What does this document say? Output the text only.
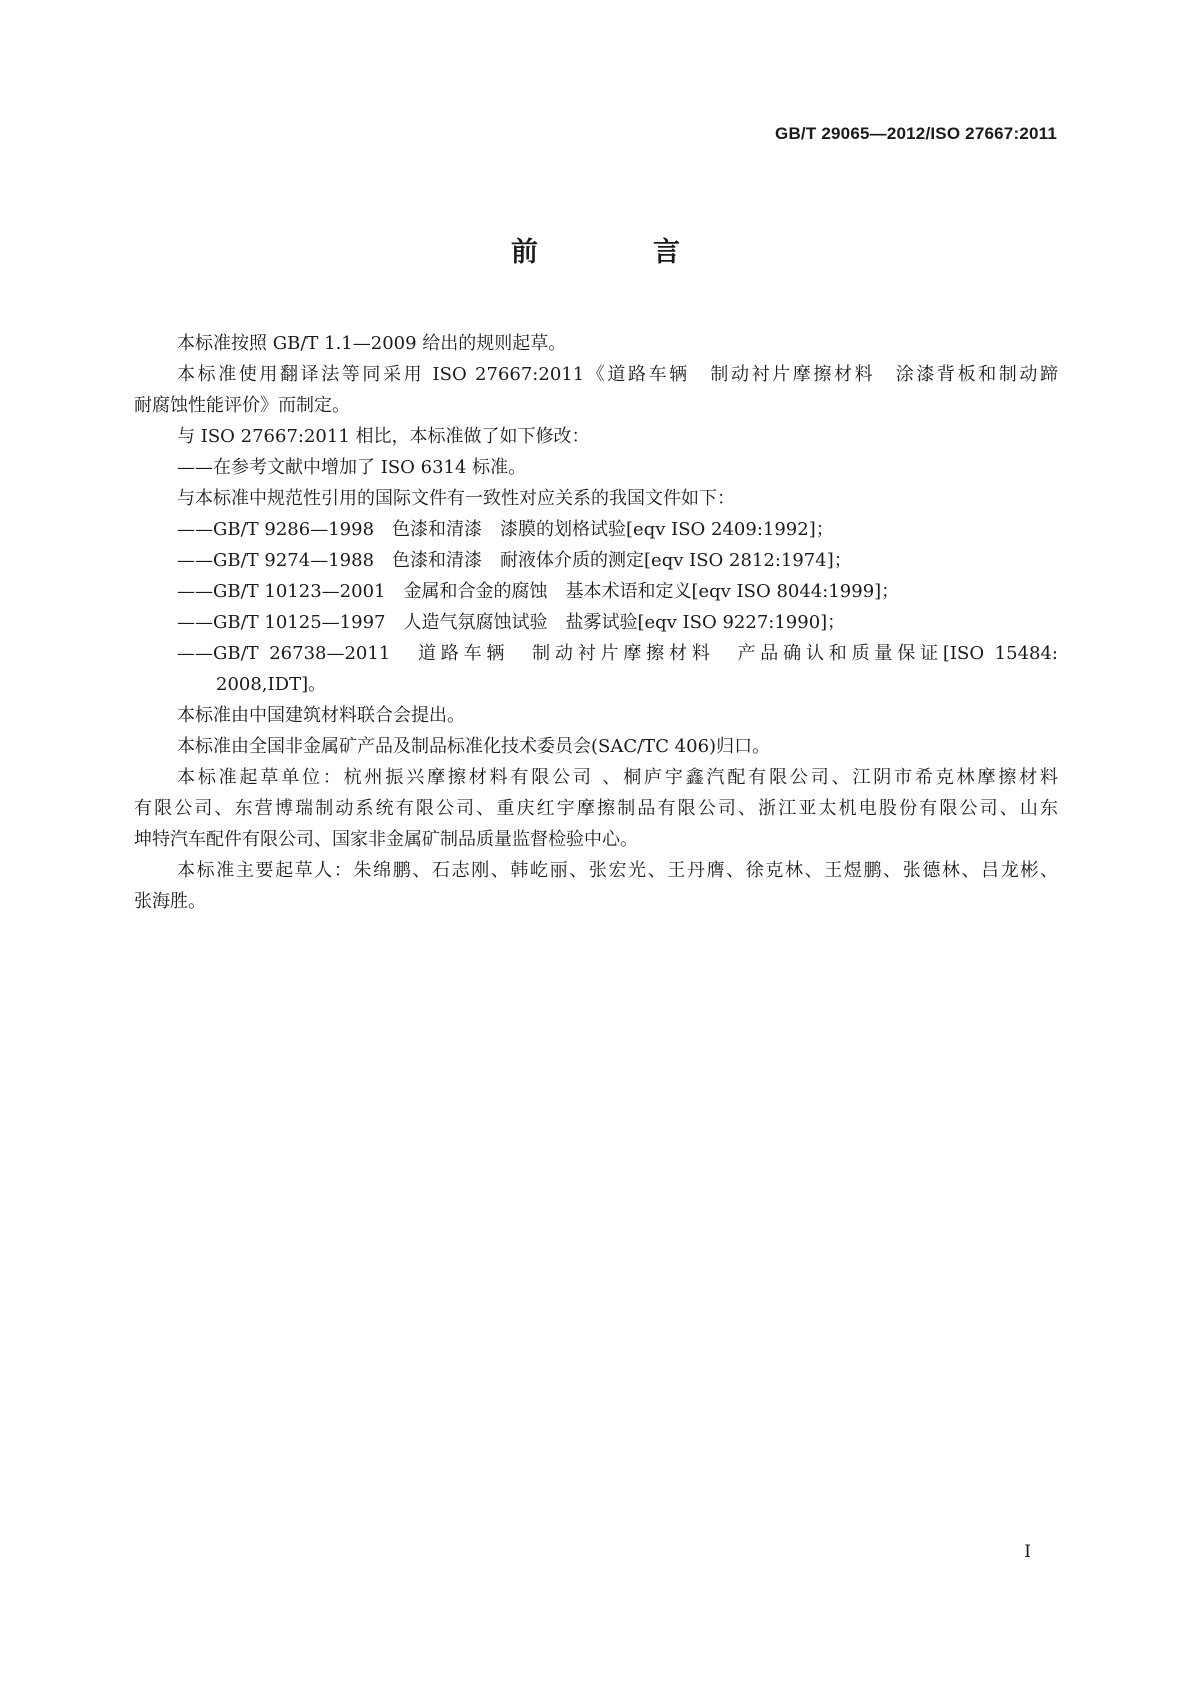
GB/T 29065—2012/ISO 27667:2011
前　言
本标准按照 GB/T 1.1—2009 给出的规则起草。
本标准使用翻译法等同采用 ISO 27667:2011《道路车辆　制动衬片摩擦材料　涂漆背板和制动蹄
耐腐蚀性能评价》而制定。
与 ISO 27667:2011 相比，本标准做了如下修改：
——在参考文献中增加了 ISO 6314 标准。
与本标准中规范性引用的国际文件有一致性对应关系的我国文件如下：
——GB/T 9286—1998　色漆和清漆　漆膜的划格试验[eqv ISO 2409:1992]；
——GB/T 9274—1988　色漆和清漆　耐液体介质的测定[eqv ISO 2812:1974]；
——GB/T 10123—2001　金属和合金的腐蚀　基本术语和定义[eqv ISO 8044:1999]；
——GB/T 10125—1997　人造气氛腐蚀试验　盐雾试验[eqv ISO 9227:1990]；
——GB/T 26738—2011　道路车辆　制动衬片摩擦材料　产品确认和质量保证[ISO 15484:
2008,IDT]。
本标准由中国建筑材料联合会提出。
本标准由全国非金属矿产品及制品标准化技术委员会(SAC/TC 406)归口。
本标准起草单位：杭州振兴摩擦材料有限公司 、桐庐宇鑫汽配有限公司、江阴市希克林摩擦材料
有限公司、东营博瑞制动系统有限公司、重庆红宇摩擦制品有限公司、浙江亚太机电股份有限公司、山东
坤特汽车配件有限公司、国家非金属矿制品质量监督检验中心。
本标准主要起草人：朱绵鹏、石志刚、韩屹丽、张宏光、王丹膺、徐克林、王煜鹏、张德林、吕龙彬、
张海胜。
I
